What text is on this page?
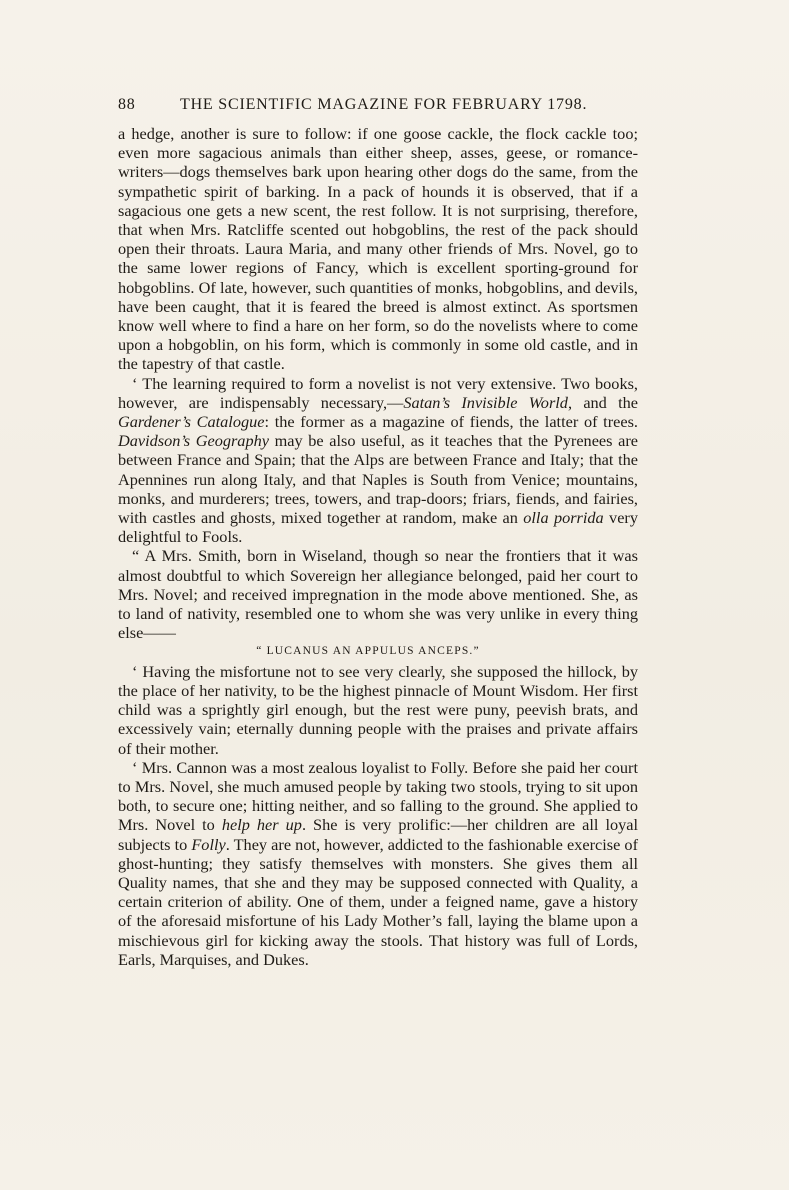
88	THE SCIENTIFIC MAGAZINE FOR FEBRUARY 1798.

a hedge, another is sure to follow: if one goose cackle, the flock cackle too; even more sagacious animals than either sheep, asses, geese, or romance-writers—dogs themselves bark upon hearing other dogs do the same, from the sympathetic spirit of barking. In a pack of hounds it is observed, that if a sagacious one gets a new scent, the rest follow. It is not surprising, therefore, that when Mrs. Ratcliffe scented out hobgoblins, the rest of the pack should open their throats. Laura Maria, and many other friends of Mrs. Novel, go to the same lower regions of Fancy, which is excellent sporting-ground for hobgoblins. Of late, however, such quantities of monks, hobgoblins, and devils, have been caught, that it is feared the breed is almost extinct. As sportsmen know well where to find a hare on her form, so do the novelists where to come upon a hobgoblin, on his form, which is commonly in some old castle, and in the tapestry of that castle.

‘ The learning required to form a novelist is not very extensive. Two books, however, are indispensably necessary,—Satan’s Invisible World, and the Gardener’s Catalogue: the former as a magazine of fiends, the latter of trees. Davidson’s Geography may be also useful, as it teaches that the Pyrenees are between France and Spain; that the Alps are between France and Italy; that the Apennines run along Italy, and that Naples is South from Venice; mountains, monks, and murderers; trees, towers, and trap-doors; friars, fiends, and fairies, with castles and ghosts, mixed together at random, make an olla porrida very delightful to Fools.

“ A Mrs. Smith, born in Wiseland, though so near the frontiers that it was almost doubtful to which Sovereign her allegiance belonged, paid her court to Mrs. Novel; and received impregnation in the mode above mentioned. She, as to land of nativity, resembled one to whom she was very unlike in every thing else——

“ LUCANUS AN APPULUS ANCEPS.”

‘ Having the misfortune not to see very clearly, she supposed the hillock, by the place of her nativity, to be the highest pinnacle of Mount Wisdom. Her first child was a sprightly girl enough, but the rest were puny, peevish brats, and excessively vain; eternally dunning people with the praises and private affairs of their mother.

‘ Mrs. Cannon was a most zealous loyalist to Folly. Before she paid her court to Mrs. Novel, she much amused people by taking two stools, trying to sit upon both, to secure one; hitting neither, and so falling to the ground. She applied to Mrs. Novel to help her up. She is very prolific:—her children are all loyal subjects to Folly. They are not, however, addicted to the fashionable exercise of ghost-hunting; they satisfy themselves with monsters. She gives them all Quality names, that she and they may be supposed connected with Quality, a certain criterion of ability. One of them, under a feigned name, gave a history of the aforesaid misfortune of his Lady Mother’s fall, laying the blame upon a mischievous girl for kicking away the stools. That history was full of Lords, Earls, Marquises, and Dukes.
